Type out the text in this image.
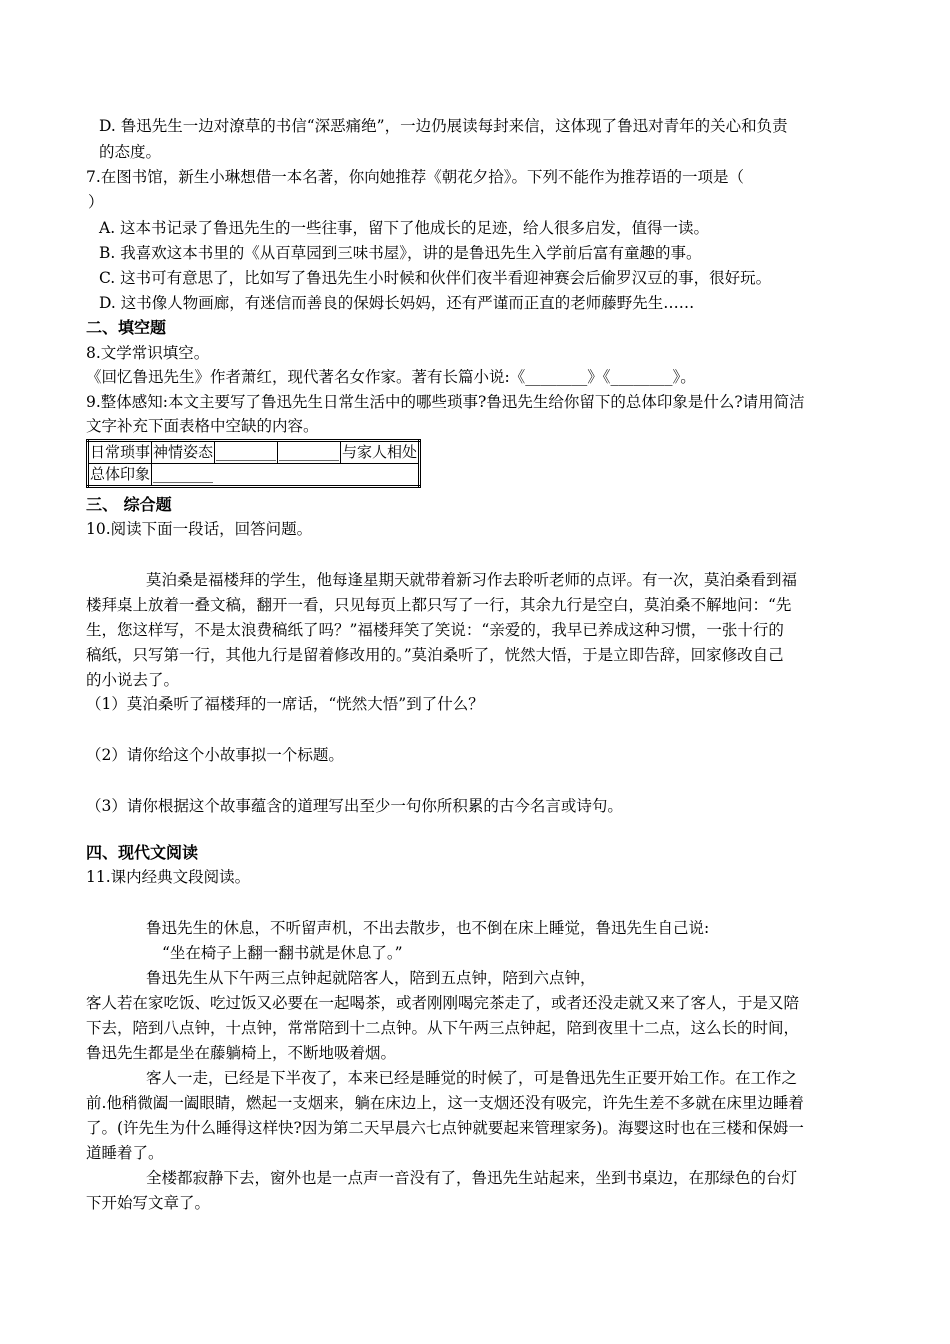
D. 鲁迅先生一边对潦草的书信“深恶痛绝”，一边仍展读每封来信，这体现了鲁迅对青年的关心和负责
的态度。
7.在图书馆，新生小琳想借一本名著，你向她推荐《朝花夕拾》。下列不能作为推荐语的一项是（
）
A. 这本书记录了鲁迅先生的一些往事，留下了他成长的足迹，给人很多启发，值得一读。
B. 我喜欢这本书里的《从百草园到三味书屋》，讲的是鲁迅先生入学前后富有童趣的事。
C. 这书可有意思了，比如写了鲁迅先生小时候和伙伴们夜半看迎神赛会后偷罗汉豆的事，很好玩。
D. 这书像人物画廊，有迷信而善良的保姆长妈妈，还有严谨而正直的老师藤野先生……
二、填空题
8.文学常识填空。
《回忆鲁迅先生》作者萧红，现代著名女作家。著有长篇小说:《________》《________》。
9.整体感知:本文主要写了鲁迅先生日常生活中的哪些琐事?鲁迅先生给你留下的总体印象是什么?请用简洁
文字补充下面表格中空缺的内容。
日常琐事	神情姿态	________	________	与家人相处
总体印象	________			
三、 综合题
10.阅读下面一段话，回答问题。
莫泊桑是福楼拜的学生，他每逢星期天就带着新习作去聆听老师的点评。有一次，莫泊桑看到福
楼拜桌上放着一叠文稿，翻开一看，只见每页上都只写了一行，其余九行是空白，莫泊桑不解地问：“先
生，您这样写，不是太浪费稿纸了吗？”福楼拜笑了笑说：“亲爱的，我早已养成这种习惯，一张十行的
稿纸，只写第一行，其他九行是留着修改用的。”莫泊桑听了，恍然大悟，于是立即告辞，回家修改自己
的小说去了。
（1）莫泊桑听了福楼拜的一席话，“恍然大悟”到了什么？
（2）请你给这个小故事拟一个标题。
（3）请你根据这个故事蕴含的道理写出至少一句你所积累的古今名言或诗句。
四、现代文阅读
11.课内经典文段阅读。
鲁迅先生的休息，不听留声机，不出去散步，也不倒在床上睡觉，鲁迅先生自己说:
“坐在椅子上翻一翻书就是休息了。”
鲁迅先生从下午两三点钟起就陪客人，陪到五点钟，陪到六点钟，
客人若在家吃饭、吃过饭又必要在一起喝茶，或者刚刚喝完茶走了，或者还没走就又来了客人，于是又陪
下去，陪到八点钟，十点钟，常常陪到十二点钟。从下午两三点钟起，陪到夜里十二点，这么长的时间，
鲁迅先生都是坐在藤躺椅上，不断地吸着烟。
客人一走，已经是下半夜了，本来已经是睡觉的时候了，可是鲁迅先生正要开始工作。在工作之
前.他稍微阖一阖眼睛，燃起一支烟来，躺在床边上，这一支烟还没有吸完，许先生差不多就在床里边睡着
了。(许先生为什么睡得这样快?因为第二天早晨六七点钟就要起来管理家务)。海婴这时也在三楼和保姆一
道睡着了。
全楼都寂静下去，窗外也是一点声一音没有了，鲁迅先生站起来，坐到书桌边，在那绿色的台灯
下开始写文章了。
